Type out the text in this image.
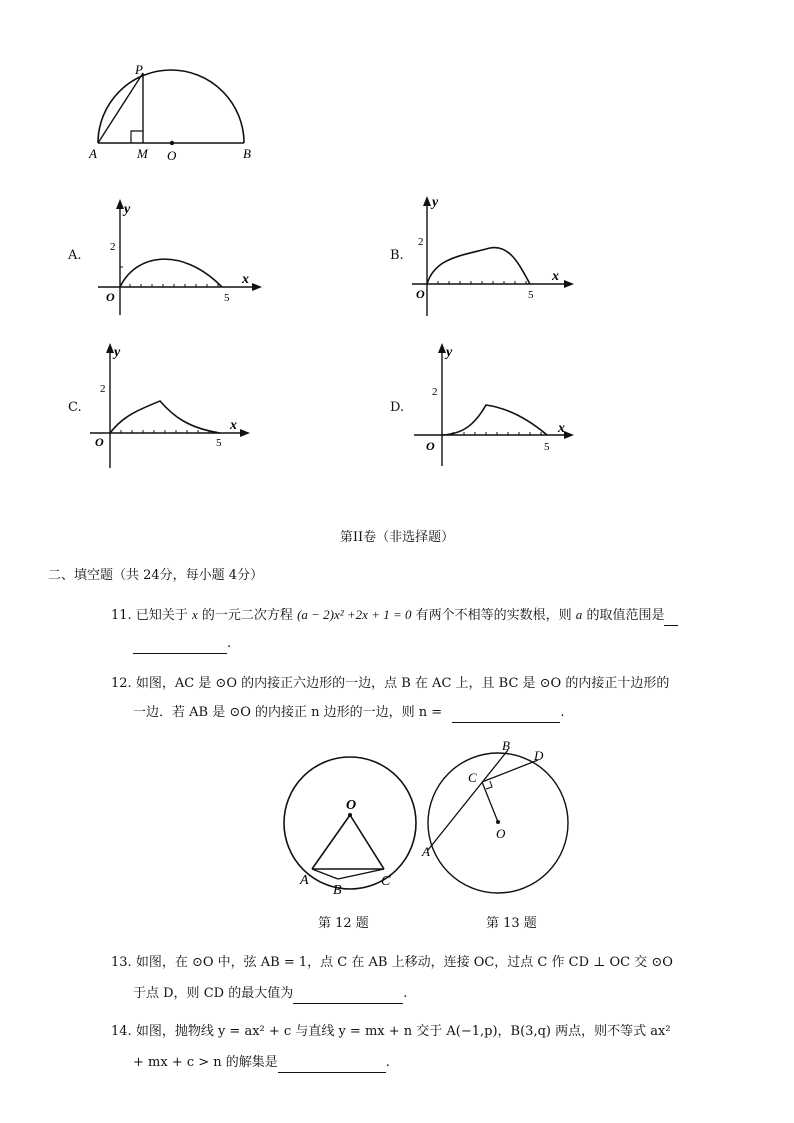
P
A	M O	B
A.
y
x
O
2
5
B.
y
x
O
2
5
C.
y
x
O
2
5
D.
y
x
O
2
5
第II卷（非选择题）
二、填空题（共 24分，每小题 4分）
11. 已知关于 x 的一元二次方程 (a − 2)x² +2x + 1 = 0 有两个不相等的实数根，则 a 的取值范围是
.
12. 如图，AC 是 ⊙O 的内接正六边形的一边，点 B 在 AC 上，且 BC 是 ⊙O 的内接正十边形的
一边．若 AB 是 ⊙O 的内接正 n 边形的一边，则 n =	.
O
A
B
C
第 12 题
B
D
C
O
A
第 13 题
13. 如图，在 ⊙O 中，弦 AB = 1，点 C 在 AB 上移动，连接 OC，过点 C 作 CD ⊥ OC 交 ⊙O
于点 D，则 CD 的最大值为	.
14. 如图，抛物线 y = ax² + c 与直线 y = mx + n 交于 A(−1,p)，B(3,q) 两点，则不等式 ax²
+ mx + c > n 的解集是	.
